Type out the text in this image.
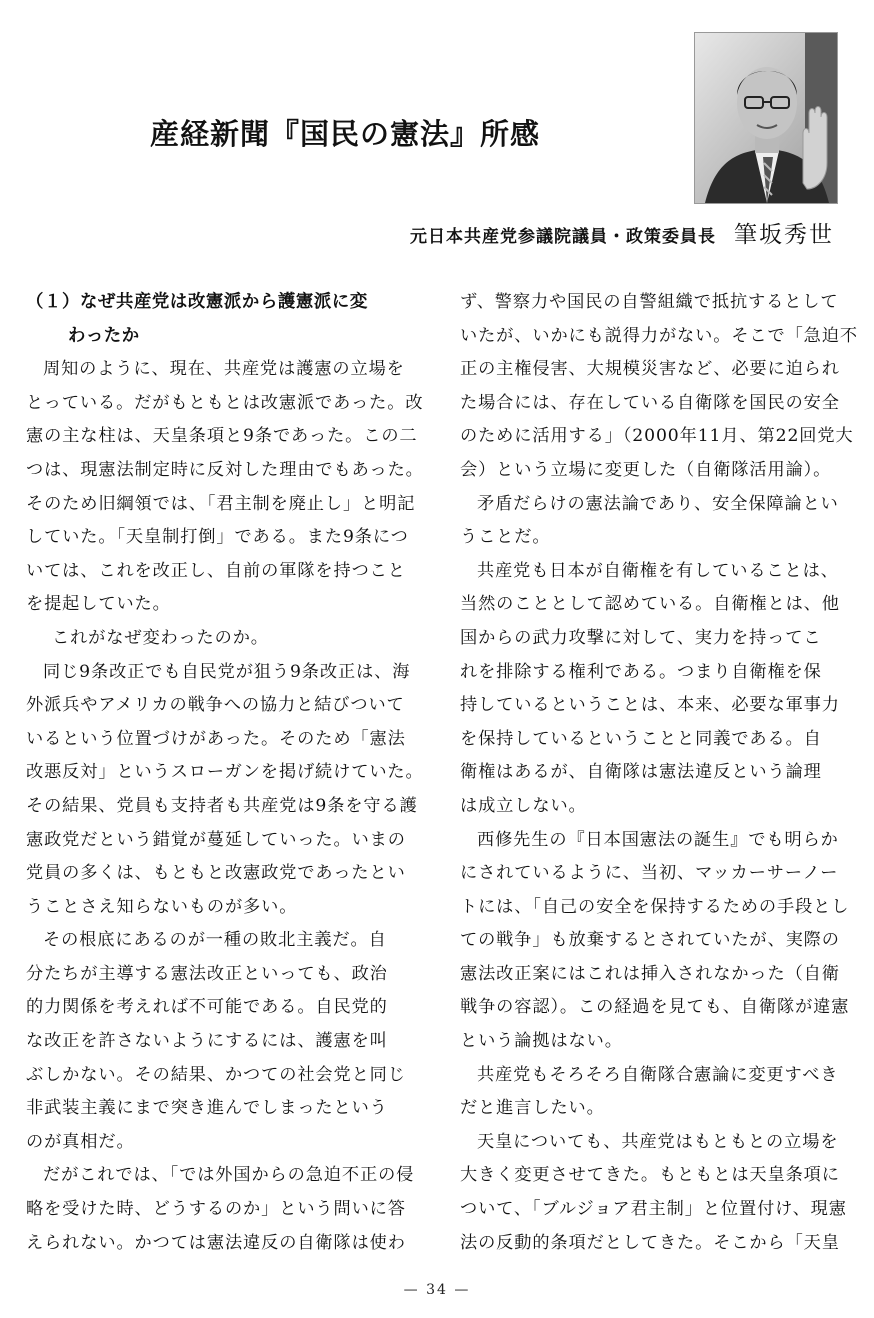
産経新聞『国民の憲法』所感
元日本共産党参議院議員・政策委員長 筆坂秀世
（１）なぜ共産党は改憲派から護憲派に変
わったか
周知のように、現在、共産党は護憲の立場を
とっている。だがもともとは改憲派であった。改
憲の主な柱は、天皇条項と9条であった。この二
つは、現憲法制定時に反対した理由でもあった。
そのため旧綱領では、「君主制を廃止し」と明記
していた。「天皇制打倒」である。また9条につ
いては、これを改正し、自前の軍隊を持つこと
を提起していた。
これがなぜ変わったのか。
同じ9条改正でも自民党が狙う9条改正は、海
外派兵やアメリカの戦争への協力と結びついて
いるという位置づけがあった。そのため「憲法
改悪反対」というスローガンを掲げ続けていた。
その結果、党員も支持者も共産党は9条を守る護
憲政党だという錯覚が蔓延していった。いまの
党員の多くは、もともと改憲政党であったとい
うことさえ知らないものが多い。
その根底にあるのが一種の敗北主義だ。自
分たちが主導する憲法改正といっても、政治
的力関係を考えれば不可能である。自民党的
な改正を許さないようにするには、護憲を叫
ぶしかない。その結果、かつての社会党と同じ
非武装主義にまで突き進んでしまったという
のが真相だ。
だがこれでは、「では外国からの急迫不正の侵
略を受けた時、どうするのか」という問いに答
えられない。かつては憲法違反の自衛隊は使わ
ず、警察力や国民の自警組織で抵抗するとして
いたが、いかにも説得力がない。そこで「急迫不
正の主権侵害、大規模災害など、必要に迫られ
た場合には、存在している自衛隊を国民の安全
のために活用する」（2000年11月、第22回党大
会）という立場に変更した（自衛隊活用論）。
矛盾だらけの憲法論であり、安全保障論とい
うことだ。
共産党も日本が自衛権を有していることは、
当然のこととして認めている。自衛権とは、他
国からの武力攻撃に対して、実力を持ってこ
れを排除する権利である。つまり自衛権を保
持しているということは、本来、必要な軍事力
を保持しているということと同義である。自
衛権はあるが、自衛隊は憲法違反という論理
は成立しない。
西修先生の『日本国憲法の誕生』でも明らか
にされているように、当初、マッカーサーノー
トには、「自己の安全を保持するための手段とし
ての戦争」も放棄するとされていたが、実際の
憲法改正案にはこれは挿入されなかった（自衛
戦争の容認）。この経過を見ても、自衛隊が違憲
という論拠はない。
共産党もそろそろ自衛隊合憲論に変更すべき
だと進言したい。
天皇についても、共産党はもともとの立場を
大きく変更させてきた。もともとは天皇条項に
ついて、「ブルジョア君主制」と位置付け、現憲
法の反動的条項だとしてきた。そこから「天皇
— 34 —
